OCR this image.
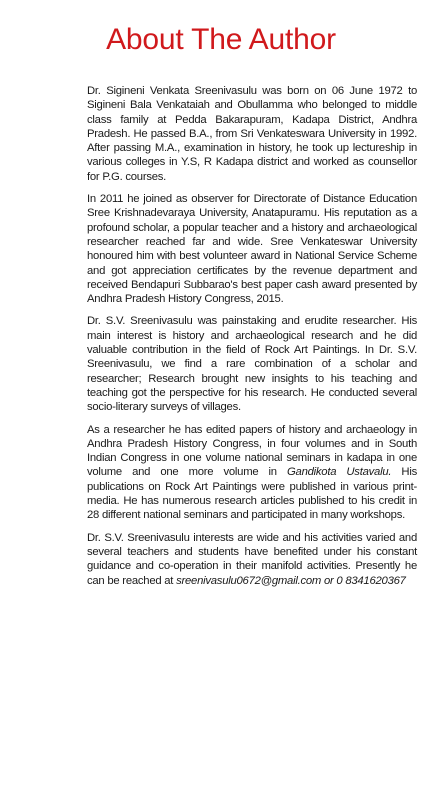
About The Author

Dr. Sigineni Venkata Sreenivasulu was born on 06 June 1972 to Sigineni Bala Venkataiah and Obullamma who belonged to middle class family at Pedda Bakarapuram, Kadapa District, Andhra Pradesh. He passed B.A., from Sri Venkateswara University in 1992. After passing M.A., examination in history, he took up lectureship in various colleges in Y.S, R Kadapa district and worked as counsellor for P.G. courses.

In 2011 he joined as observer for Directorate of Distance Education Sree Krishnadevaraya University, Anatapuramu. His reputation as a profound scholar, a popular teacher and a history and archaeological researcher reached far and wide. Sree Venkateswar University honoured him with best volunteer award in National Service Scheme and got appreciation certificates by the revenue department and received Bendapuri Subbarao's best paper cash award presented by Andhra Pradesh History Congress, 2015.

Dr. S.V. Sreenivasulu was painstaking and erudite researcher. His main interest is history and archaeological research and he did valuable contribution in the field of Rock Art Paintings. In Dr. S.V. Sreenivasulu, we find a rare combination of a scholar and researcher; Research brought new insights to his teaching and teaching got the perspective for his research. He conducted several socio-literary surveys of villages.

As a researcher he has edited papers of history and archaeology in Andhra Pradesh History Congress, in four volumes and in South Indian Congress in one volume national seminars in kadapa in one volume and one more volume in Gandikota Ustavalu. His publications on Rock Art Paintings were published in various print-media. He has numerous research articles published to his credit in 28 different national seminars and participated in many workshops.

Dr. S.V. Sreenivasulu interests are wide and his activities varied and several teachers and students have benefited under his constant guidance and co-operation in their manifold activities. Presently he can be reached at sreenivasulu0672@gmail.com or 0 8341620367
